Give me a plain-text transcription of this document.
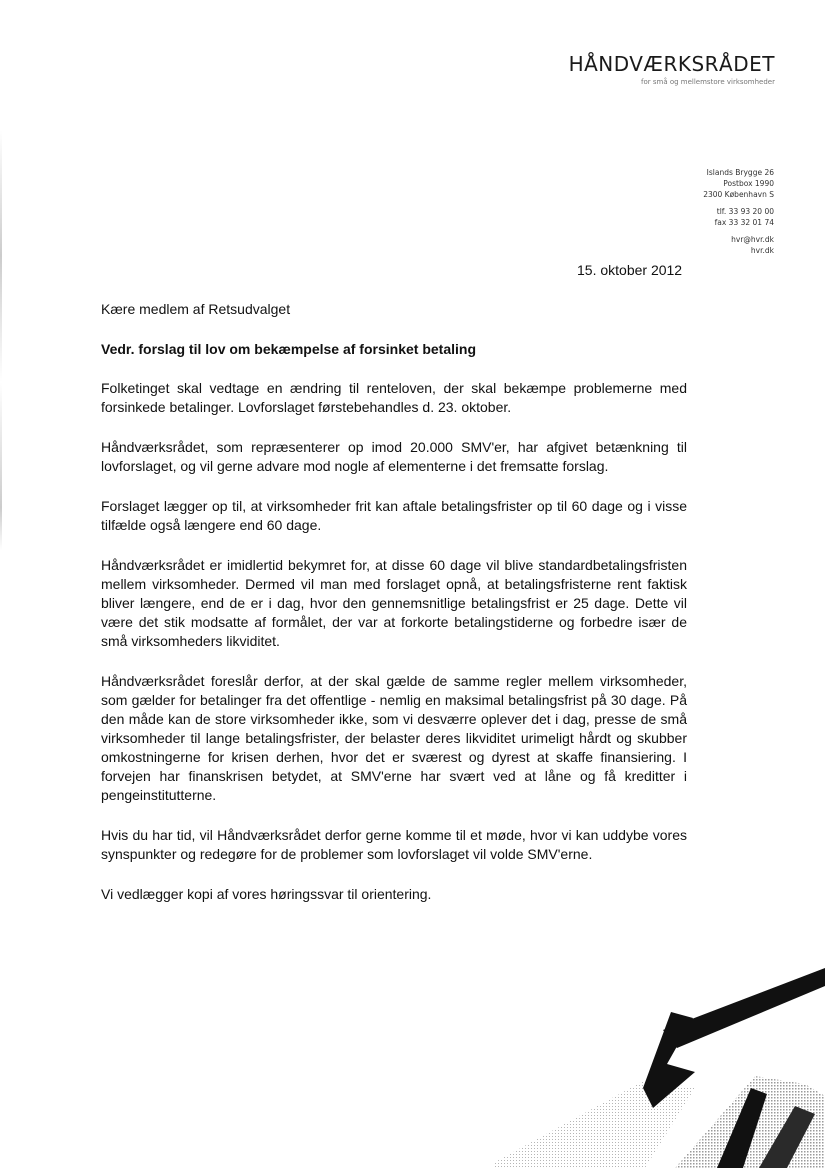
HÅNDVÆRKSRÅDET
for små og mellemstore virksomheder
Islands Brygge 26
Postbox 1990
2300 København S
tlf. 33 93 20 00
fax 33 32 01 74
hvr@hvr.dk
hvr.dk
15. oktober 2012

Kære medlem af Retsudvalget

Vedr. forslag til lov om bekæmpelse af forsinket betaling

Folketinget skal vedtage en ændring til renteloven, der skal bekæmpe problemerne med forsinkede betalinger. Lovforslaget førstebehandles d. 23. oktober.

Håndværksrådet, som repræsenterer op imod 20.000 SMV'er, har afgivet betænkning til lovforslaget, og vil gerne advare mod nogle af elementerne i det fremsatte forslag.

Forslaget lægger op til, at virksomheder frit kan aftale betalingsfrister op til 60 dage og i visse tilfælde også længere end 60 dage.

Håndværksrådet er imidlertid bekymret for, at disse 60 dage vil blive standardbetalingsfristen mellem virksomheder. Dermed vil man med forslaget opnå, at betalingsfristerne rent faktisk bliver længere, end de er i dag, hvor den gennemsnitlige betalingsfrist er 25 dage. Dette vil være det stik modsatte af formålet, der var at forkorte betalingstiderne og forbedre især de små virksomheders likviditet.

Håndværksrådet foreslår derfor, at der skal gælde de samme regler mellem virksomheder, som gælder for betalinger fra det offentlige - nemlig en maksimal betalingsfrist på 30 dage. På den måde kan de store virksomheder ikke, som vi desværre oplever det i dag, presse de små virksomheder til lange betalingsfrister, der belaster deres likviditet urimeligt hårdt og skubber omkostningerne for krisen derhen, hvor det er sværest og dyrest at skaffe finansiering. I forvejen har finanskrisen betydet, at SMV'erne har svært ved at låne og få kreditter i pengeinstitutterne.

Hvis du har tid, vil Håndværksrådet derfor gerne komme til et møde, hvor vi kan uddybe vores synspunkter og redegøre for de problemer som lovforslaget vil volde SMV'erne.

Vi vedlægger kopi af vores høringssvar til orientering.
